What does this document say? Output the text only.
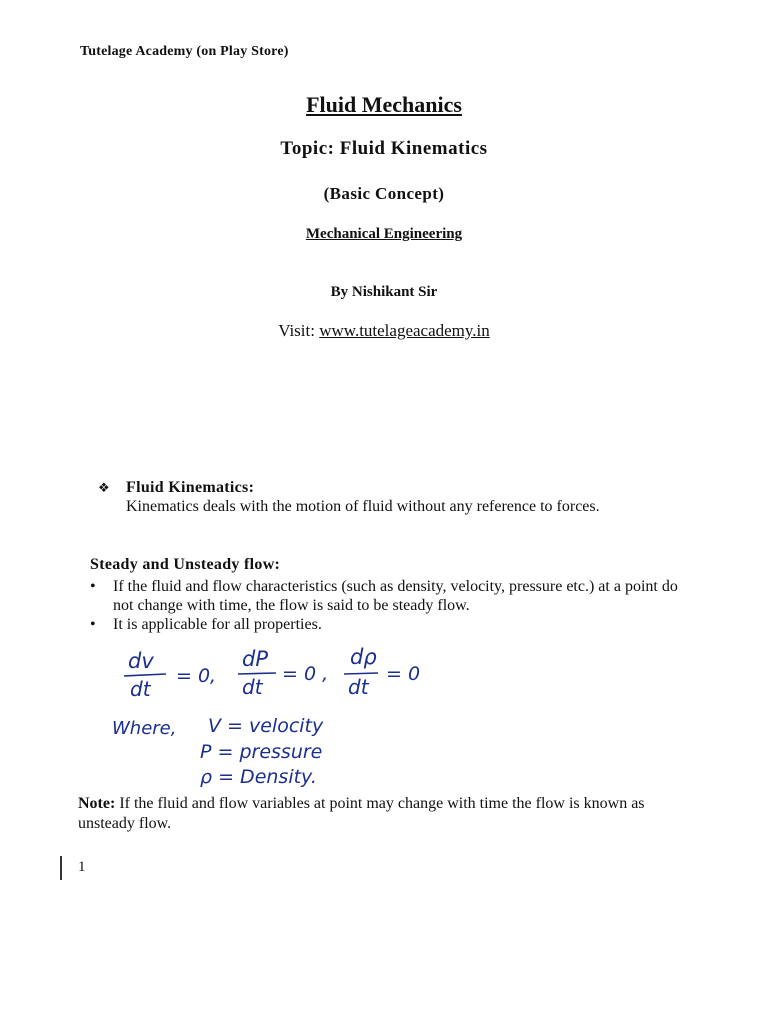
Tutelage Academy (on Play Store)
Fluid Mechanics
Topic: Fluid Kinematics
(Basic Concept)
Mechanical Engineering
By Nishikant Sir
Visit: www.tutelageacademy.in
❖ Fluid Kinematics:
Kinematics deals with the motion of fluid without any reference to forces.
Steady and Unsteady flow:
• If the fluid and flow characteristics (such as density, velocity, pressure etc.) at a point do not change with time, the flow is said to be steady flow.
• It is applicable for all properties.
dv
dt
= 0,
dP
dt
= 0 ,
dρ
dt
= 0
Where, V = velocity
P = pressure
ρ = Density.
Note: If the fluid and flow variables at point may change with time the flow is known as unsteady flow.
1
